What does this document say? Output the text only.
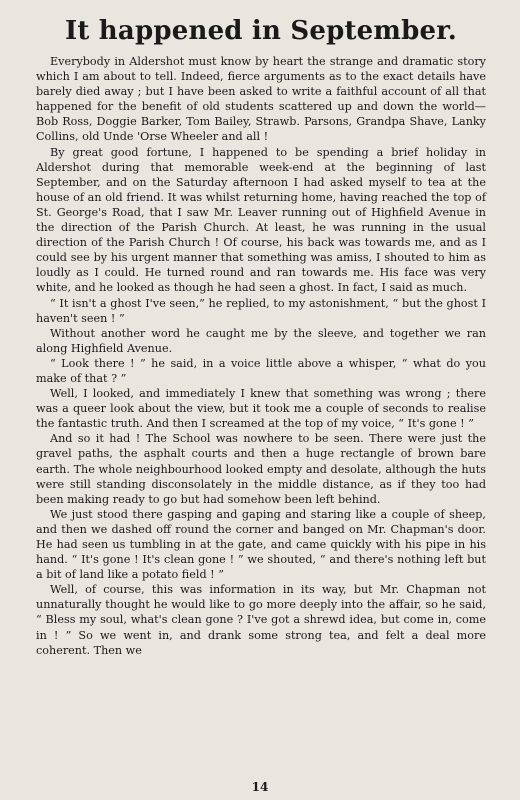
It happened in September.

Everybody in Aldershot must know by heart the strange and dramatic story which I am about to tell. Indeed, fierce arguments as to the exact details have barely died away ; but I have been asked to write a faithful account of all that happened for the benefit of old students scattered up and down the world—Bob Ross, Doggie Barker, Tom Bailey, Strawb. Parsons, Grandpa Shave, Lanky Collins, old Unde 'Orse Wheeler and all !

By great good fortune, I happened to be spending a brief holiday in Aldershot during that memorable week-end at the beginning of last September, and on the Saturday afternoon I had asked myself to tea at the house of an old friend. It was whilst returning home, having reached the top of St. George's Road, that I saw Mr. Leaver running out of Highfield Avenue in the direction of the Parish Church. At least, he was running in the usual direction of the Parish Church ! Of course, his back was towards me, and as I could see by his urgent manner that something was amiss, I shouted to him as loudly as I could. He turned round and ran towards me. His face was very white, and he looked as though he had seen a ghost. In fact, I said as much.

“ It isn't a ghost I've seen,” he replied, to my astonishment, “ but the ghost I haven't seen ! ”

Without another word he caught me by the sleeve, and together we ran along Highfield Avenue.

“ Look there ! ” he said, in a voice little above a whisper, “ what do you make of that ? ”

Well, I looked, and immediately I knew that something was wrong ; there was a queer look about the view, but it took me a couple of seconds to realise the fantastic truth. And then I screamed at the top of my voice, “ It's gone ! ”

And so it had ! The School was nowhere to be seen. There were just the gravel paths, the asphalt courts and then a huge rectangle of brown bare earth. The whole neighbourhood looked empty and desolate, although the huts were still standing disconsolately in the middle distance, as if they too had been making ready to go but had somehow been left behind.

We just stood there gasping and gaping and staring like a couple of sheep, and then we dashed off round the corner and banged on Mr. Chapman's door. He had seen us tumbling in at the gate, and came quickly with his pipe in his hand. “ It's gone ! It's clean gone ! ” we shouted, “ and there's nothing left but a bit of land like a potato field ! ”

Well, of course, this was information in its way, but Mr. Chapman not unnaturally thought he would like to go more deeply into the affair, so he said, “ Bless my soul, what's clean gone ? I've got a shrewd idea, but come in, come in ! ” So we went in, and drank some strong tea, and felt a deal more coherent. Then we

14
